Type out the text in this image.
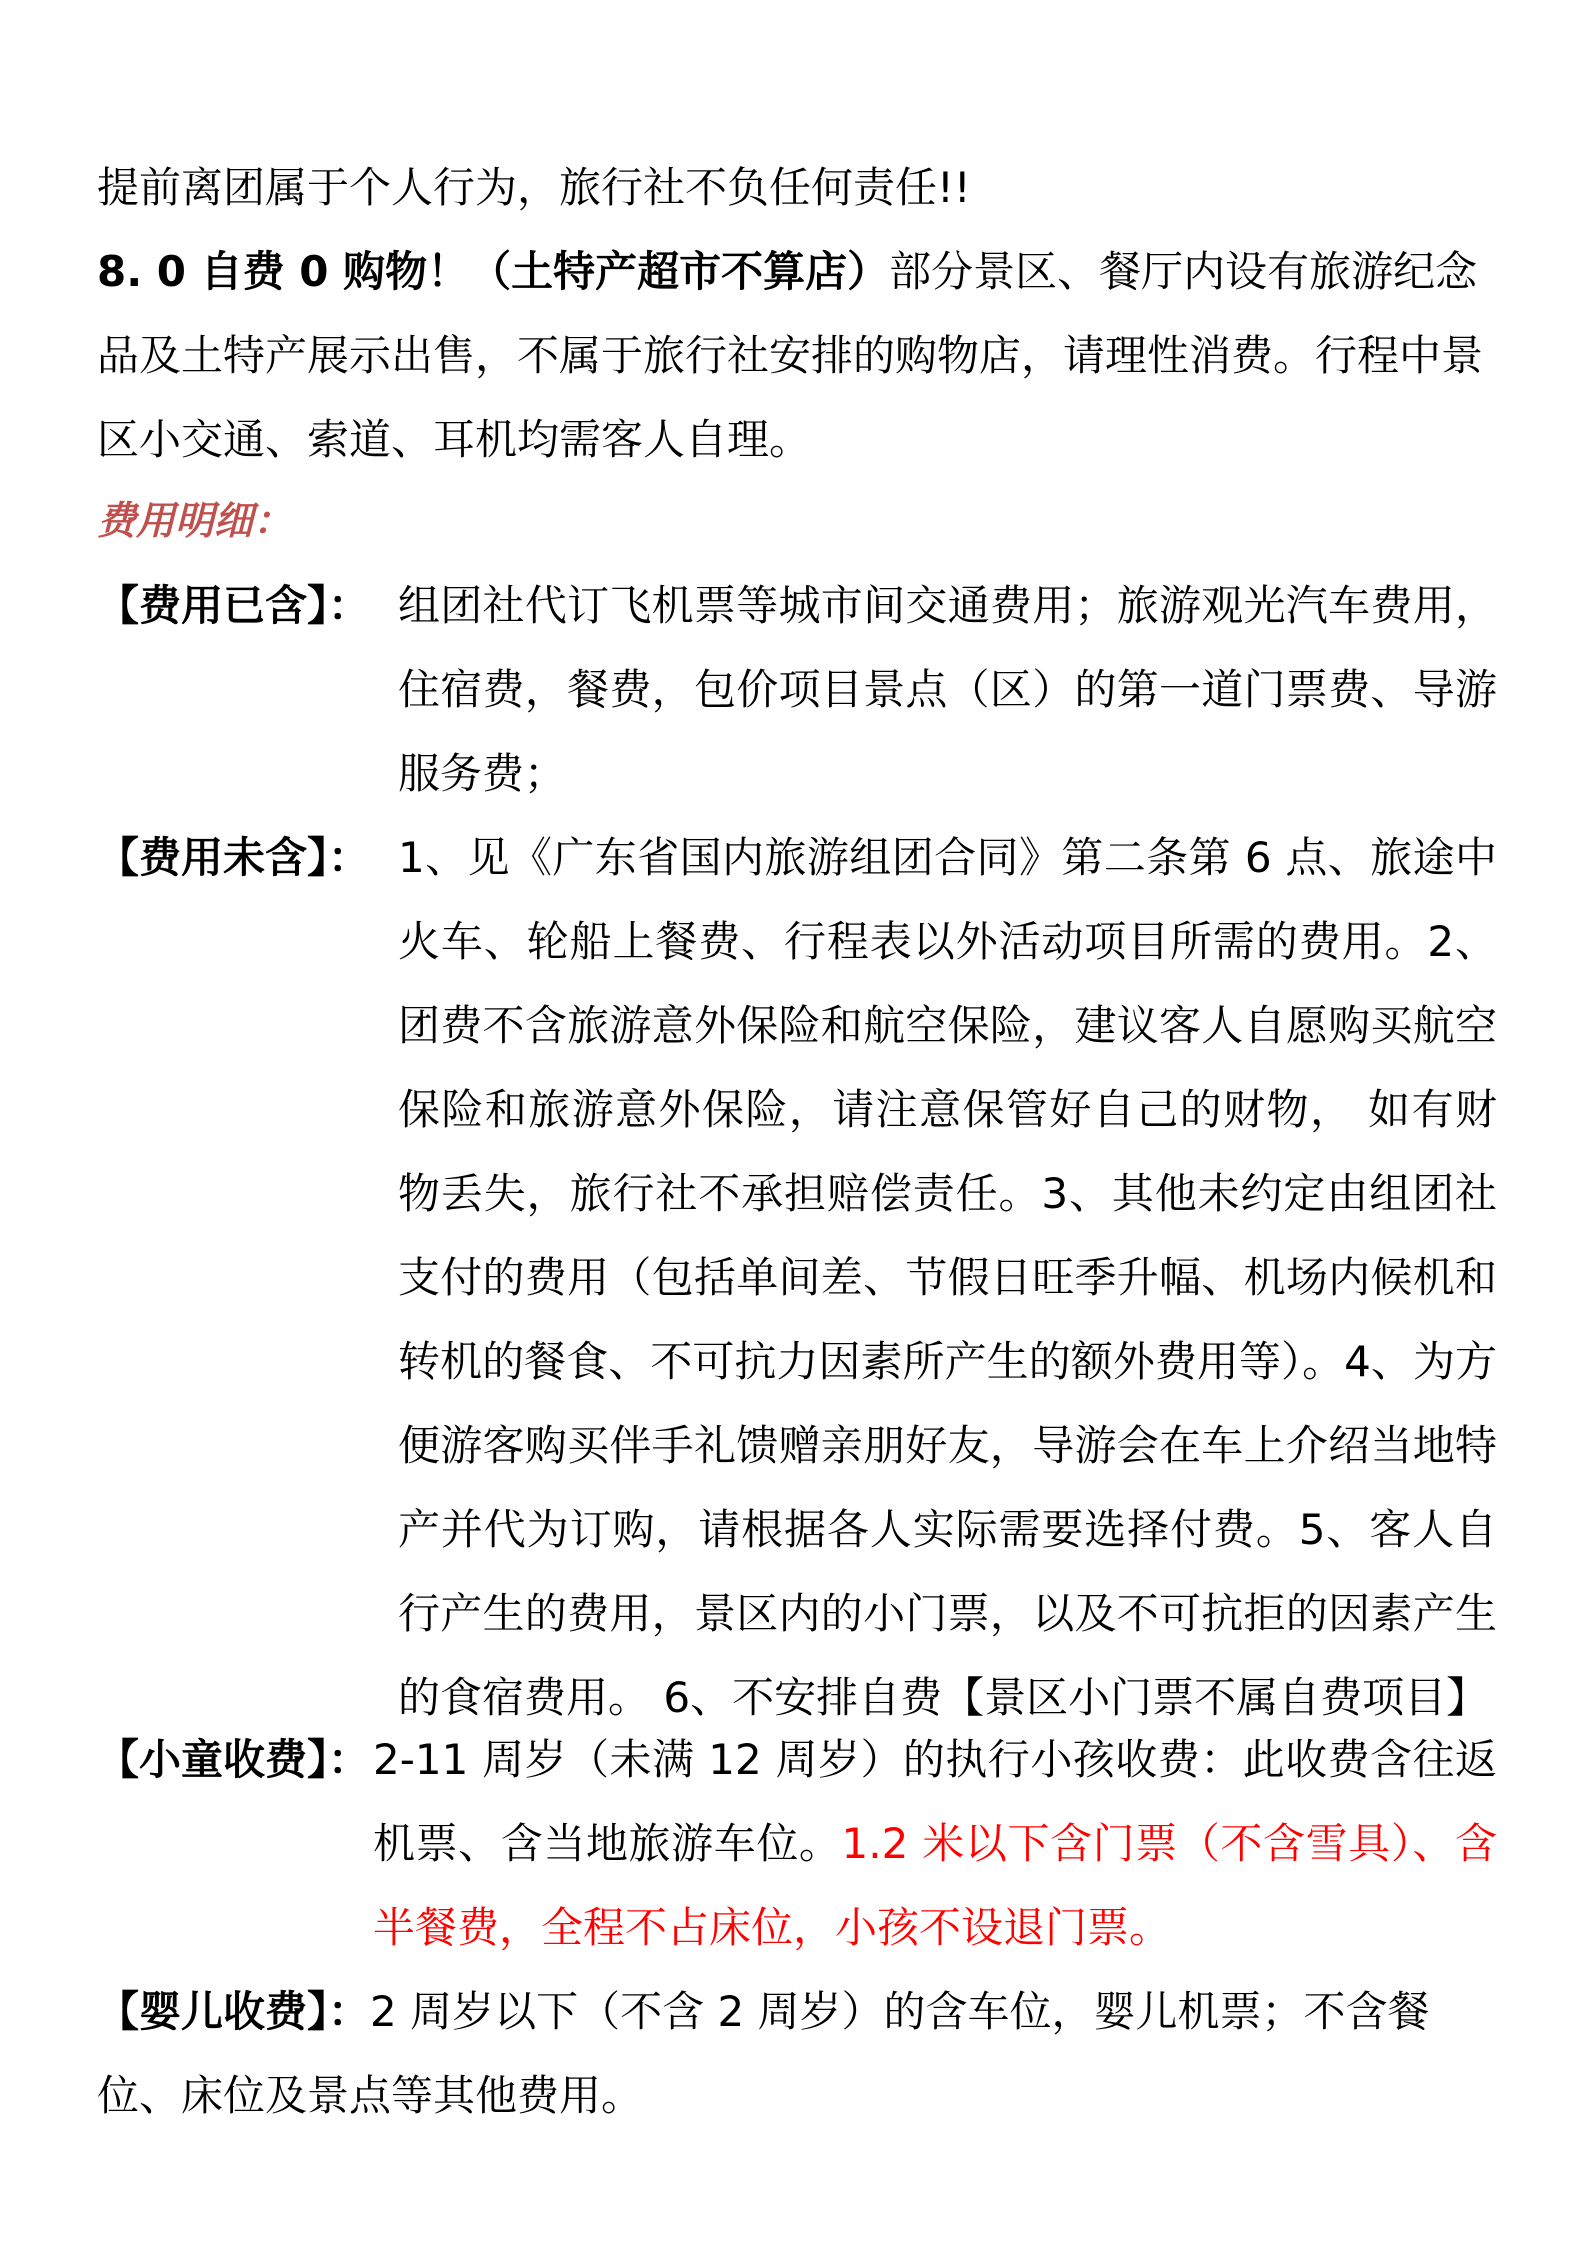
提前离团属于个人行为，旅行社不负任何责任!!
8. 0 自费 0 购物！（土特产超市不算店）部分景区、餐厅内设有旅游纪念品及土特产展示出售，不属于旅行社安排的购物店，请理性消费。行程中景区小交通、索道、耳机均需客人自理。
费用明细：
【费用已含】： 组团社代订飞机票等城市间交通费用；旅游观光汽车费用，住宿费，餐费，包价项目景点（区）的第一道门票费、导游服务费；
【费用未含】： 1、见《广东省国内旅游组团合同》第二条第 6 点、旅途中火车、轮船上餐费、行程表以外活动项目所需的费用。2、团费不含旅游意外保险和航空保险，建议客人自愿购买航空保险和旅游意外保险，请注意保管好自己的财物， 如有财物丢失，旅行社不承担赔偿责任。3、其他未约定由组团社支付的费用（包括单间差、节假日旺季升幅、机场内候机和转机的餐食、不可抗力因素所产生的额外费用等）。4、为方便游客购买伴手礼馈赠亲朋好友，导游会在车上介绍当地特产并代为订购，请根据各人实际需要选择付费。5、客人自行产生的费用，景区内的小门票，以及不可抗拒的因素产生的食宿费用。 6、不安排自费【景区小门票不属自费项目】
【小童收费】： 2-11 周岁（未满 12 周岁）的执行小孩收费：此收费含往返机票、含当地旅游车位。1.2 米以下含门票（不含雪具）、含半餐费，全程不占床位，小孩不设退门票。
【婴儿收费】：2 周岁以下（不含 2 周岁）的含车位，婴儿机票；不含餐位、床位及景点等其他费用。
